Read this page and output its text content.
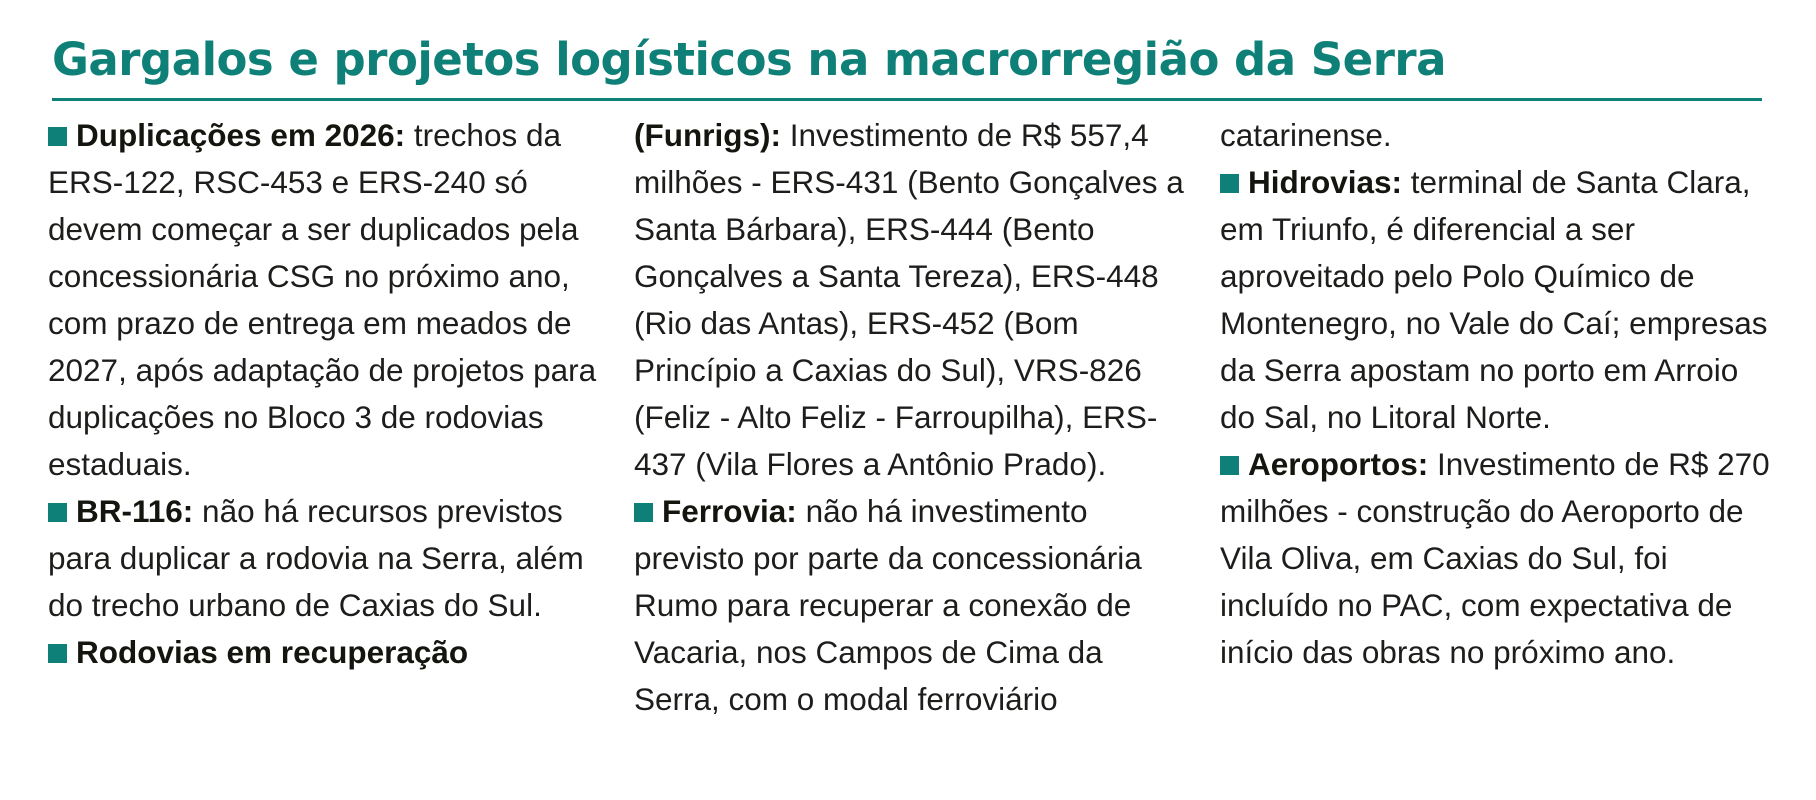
Gargalos e projetos logísticos na macrorregião da Serra

Duplicações em 2026: trechos da ERS-122, RSC-453 e ERS-240 só devem começar a ser duplicados pela concessionária CSG no próximo ano, com prazo de entrega em meados de 2027, após adaptação de projetos para duplicações no Bloco 3 de rodovias estaduais.

BR-116: não há recursos previstos para duplicar a rodovia na Serra, além do trecho urbano de Caxias do Sul.

Rodovias em recuperação

(Funrigs): Investimento de R$ 557,4 milhões - ERS-431 (Bento Gonçalves a Santa Bárbara), ERS-444 (Bento Gonçalves a Santa Tereza), ERS-448 (Rio das Antas), ERS-452 (Bom Princípio a Caxias do Sul), VRS-826 (Feliz - Alto Feliz - Farroupilha), ERS-437 (Vila Flores a Antônio Prado).

Ferrovia: não há investimento previsto por parte da concessionária Rumo para recuperar a conexão de Vacaria, nos Campos de Cima da Serra, com o modal ferroviário

catarinense.

Hidrovias: terminal de Santa Clara, em Triunfo, é diferencial a ser aproveitado pelo Polo Químico de Montenegro, no Vale do Caí; empresas da Serra apostam no porto em Arroio do Sal, no Litoral Norte.

Aeroportos: Investimento de R$ 270 milhões - construção do Aeroporto de Vila Oliva, em Caxias do Sul, foi incluído no PAC, com expectativa de início das obras no próximo ano.
